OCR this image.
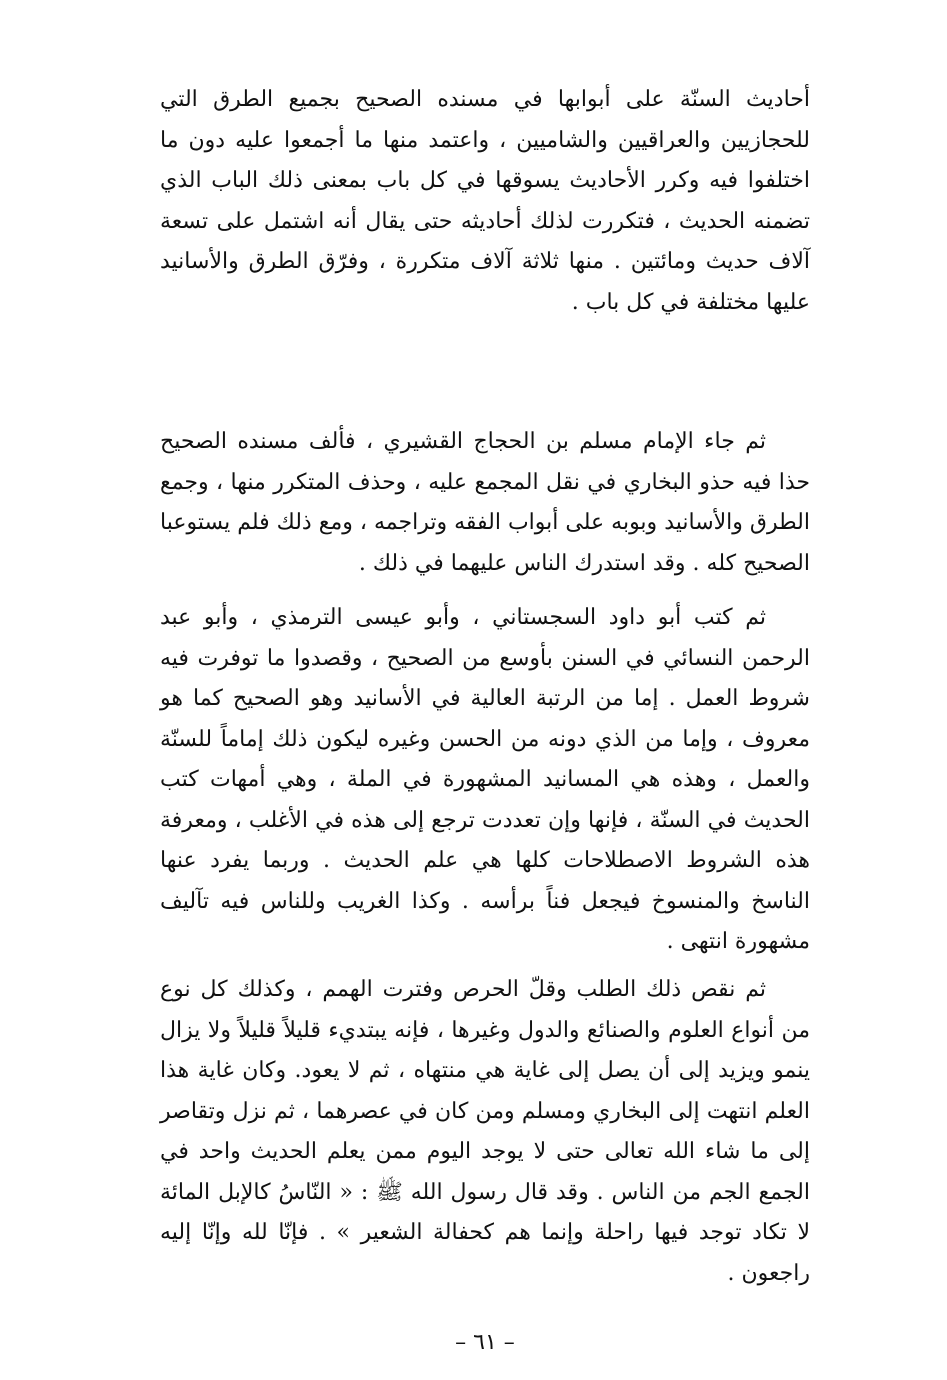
أحاديث السنّة على أبوابها في مسنده الصحيح بجميع الطرق التي للحجازيين والعراقيين والشاميين ، واعتمد منها ما أجمعوا عليه دون ما اختلفوا فيه وكرر الأحاديث يسوقها في كل باب بمعنى ذلك الباب الذي تضمنه الحديث ، فتكررت لذلك أحاديثه حتى يقال أنه اشتمل على تسعة آلاف حديث ومائتين . منها ثلاثة آلاف متكررة ، وفرّق الطرق والأسانيد عليها مختلفة في كل باب .

ثم جاء الإمام مسلم بن الحجاج القشيري ، فألف مسنده الصحيح حذا فيه حذو البخاري في نقل المجمع عليه ، وحذف المتكرر منها ، وجمع الطرق والأسانيد وبوبه على أبواب الفقه وتراجمه ، ومع ذلك فلم يستوعبا الصحيح كله . وقد استدرك الناس عليهما في ذلك .

ثم كتب أبو داود السجستاني ، وأبو عيسى الترمذي ، وأبو عبد الرحمن النسائي في السنن بأوسع من الصحيح ، وقصدوا ما توفرت فيه شروط العمل . إما من الرتبة العالية في الأسانيد وهو الصحيح كما هو معروف ، وإما من الذي دونه من الحسن وغيره ليكون ذلك إماماً للسنّة والعمل ، وهذه هي المسانيد المشهورة في الملة ، وهي أمهات كتب الحديث في السنّة ، فإنها وإن تعددت ترجع إلى هذه في الأغلب ، ومعرفة هذه الشروط الاصطلاحات كلها هي علم الحديث . وربما يفرد عنها الناسخ والمنسوخ فيجعل فناً برأسه . وكذا الغريب وللناس فيه تآليف مشهورة انتهى .

ثم نقص ذلك الطلب وقلّ الحرص وفترت الهمم ، وكذلك كل نوع من أنواع العلوم والصنائع والدول وغيرها ، فإنه يبتديء قليلاً قليلاً ولا يزال ينمو ويزيد إلى أن يصل إلى غاية هي منتهاه ، ثم لا يعود. وكان غاية هذا العلم انتهت إلى البخاري ومسلم ومن كان في عصرهما ، ثم نزل وتقاصر إلى ما شاء الله تعالى حتى لا يوجد اليوم ممن يعلم الحديث واحد في الجمع الجم من الناس . وقد قال رسول الله ﷺ : « النّاسُ كالإبل المائة لا تكاد توجد فيها راحلة وإنما هم كحفالة الشعير » . فإنّا لله وإنّا إليه راجعون .

– ٦١ –
